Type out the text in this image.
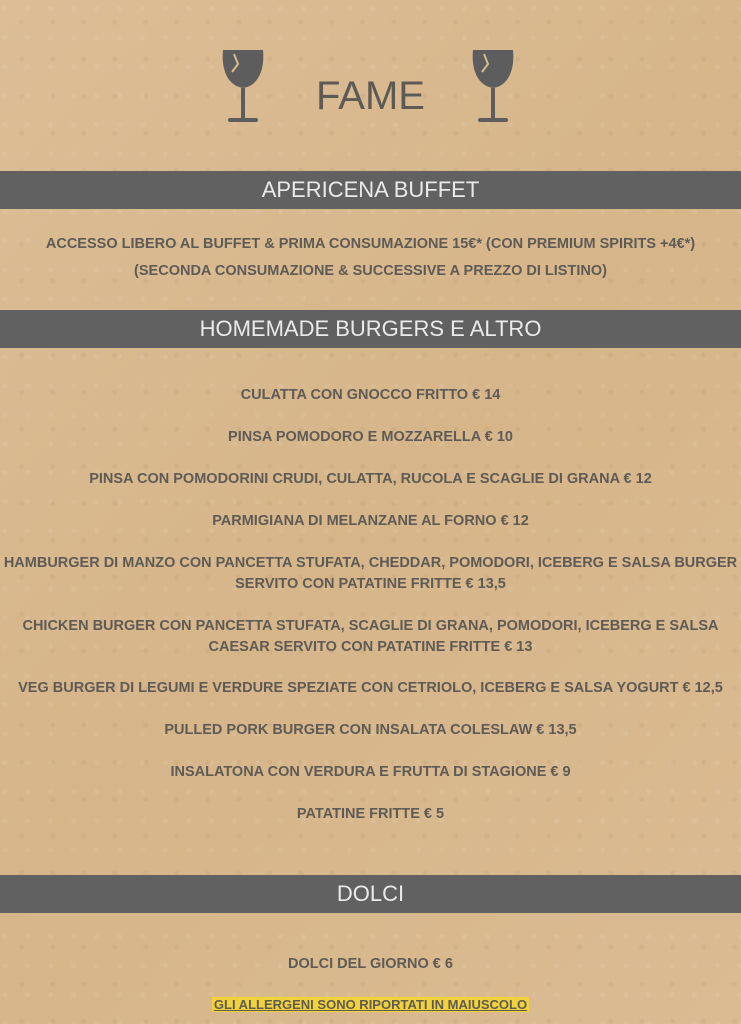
FAME
APERICENA BUFFET
ACCESSO LIBERO AL BUFFET & PRIMA CONSUMAZIONE 15€* (CON PREMIUM SPIRITS +4€*)
(SECONDA CONSUMAZIONE & SUCCESSIVE A PREZZO DI LISTINO)
HOMEMADE BURGERS E ALTRO
CULATTA CON GNOCCO FRITTO € 14
PINSA POMODORO E MOZZARELLA € 10
PINSA CON POMODORINI CRUDI, CULATTA, RUCOLA E SCAGLIE DI GRANA € 12
PARMIGIANA DI MELANZANE AL FORNO € 12
HAMBURGER DI MANZO CON PANCETTA STUFATA, CHEDDAR, POMODORI, ICEBERG E SALSA BURGER
SERVITO CON PATATINE FRITTE € 13,5
CHICKEN BURGER CON PANCETTA STUFATA, SCAGLIE DI GRANA, POMODORI, ICEBERG E SALSA
CAESAR SERVITO CON PATATINE FRITTE € 13
VEG BURGER DI LEGUMI E VERDURE SPEZIATE CON CETRIOLO, ICEBERG E SALSA YOGURT € 12,5
PULLED PORK BURGER CON INSALATA COLESLAW € 13,5
INSALATONA CON VERDURA E FRUTTA DI STAGIONE € 9
PATATINE FRITTE € 5
DOLCI
DOLCI DEL GIORNO € 6
GLI ALLERGENI SONO RIPORTATI IN MAIUSCOLO
